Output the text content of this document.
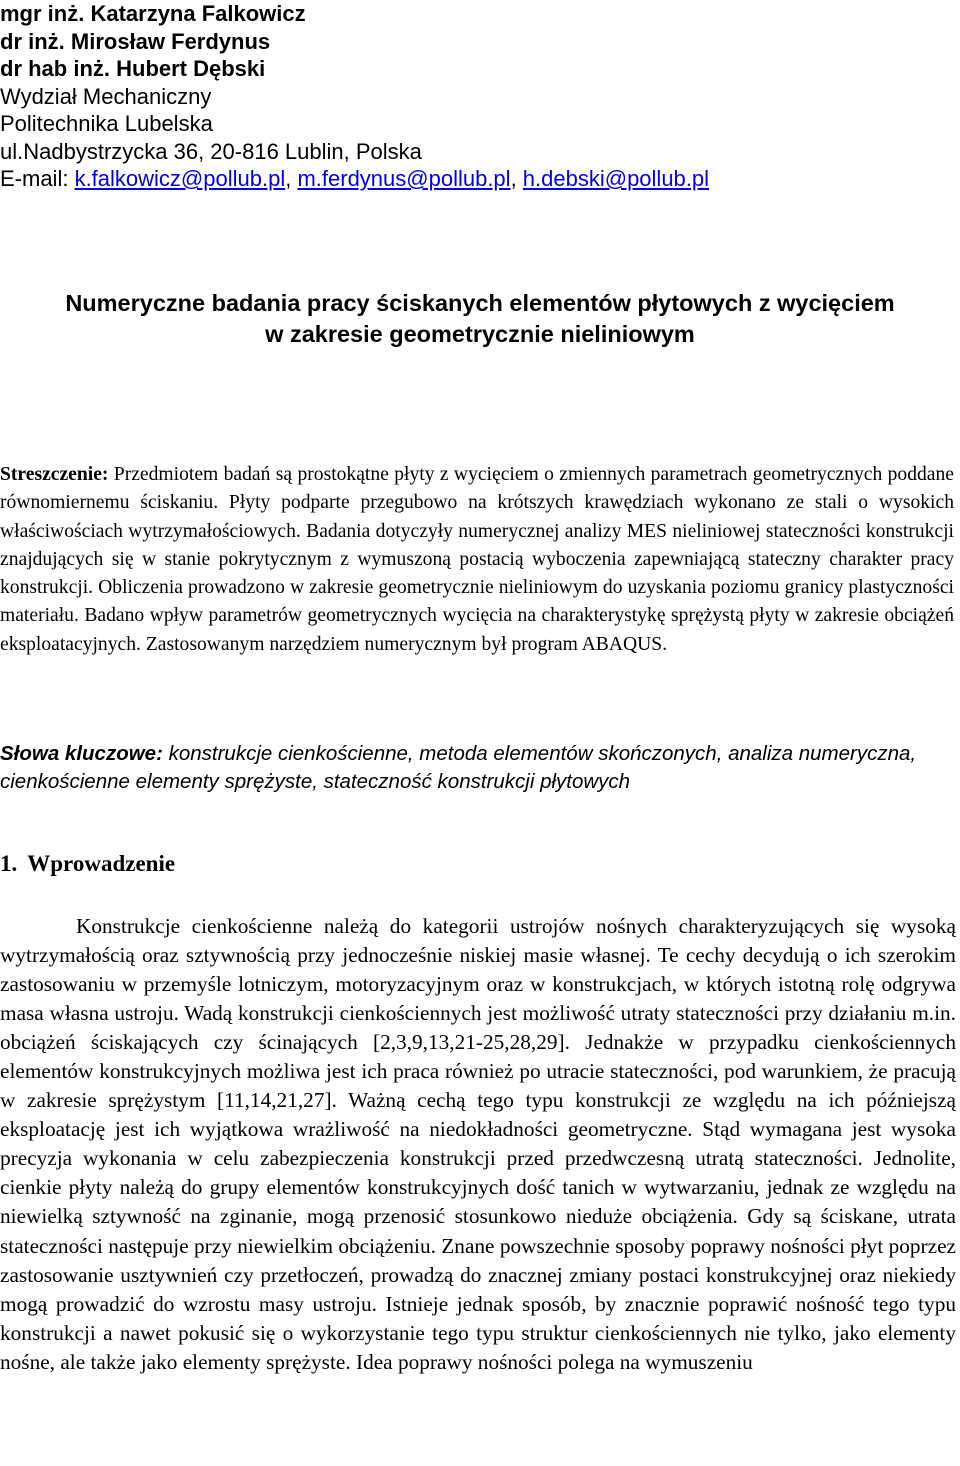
mgr inż. Katarzyna Falkowicz
dr inż. Mirosław Ferdynus
dr hab inż. Hubert Dębski
Wydział Mechaniczny
Politechnika Lubelska
ul.Nadbystrzycka 36, 20-816 Lublin, Polska
E-mail: k.falkowicz@pollub.pl, m.ferdynus@pollub.pl, h.debski@pollub.pl
Numeryczne badania pracy ściskanych elementów płytowych z wycięciem
w zakresie geometrycznie nieliniowym

Streszczenie: Przedmiotem badań są prostokątne płyty z wycięciem o zmiennych parametrach geometrycznych poddane równomiernemu ściskaniu. Płyty podparte przegubowo na krótszych krawędziach wykonano ze stali o wysokich właściwościach wytrzymałościowych. Badania dotyczyły numerycznej analizy MES nieliniowej stateczności konstrukcji znajdujących się w stanie pokrytycznym z wymuszoną postacią wyboczenia zapewniającą stateczny charakter pracy konstrukcji. Obliczenia prowadzono w zakresie geometrycznie nieliniowym do uzyskania poziomu granicy plastyczności materiału. Badano wpływ parametrów geometrycznych wycięcia na charakterystykę sprężystą płyty w zakresie obciążeń eksploatacyjnych. Zastosowanym narzędziem numerycznym był program ABAQUS.

Słowa kluczowe: konstrukcje cienkościenne, metoda elementów skończonych, analiza numeryczna, cienkościenne elementy sprężyste, stateczność konstrukcji płytowych

1. Wprowadzenie

Konstrukcje cienkościenne należą do kategorii ustrojów nośnych charakteryzujących się wysoką wytrzymałością oraz sztywnością przy jednocześnie niskiej masie własnej. Te cechy decydują o ich szerokim zastosowaniu w przemyśle lotniczym, motoryzacyjnym oraz w konstrukcjach, w których istotną rolę odgrywa masa własna ustroju. Wadą konstrukcji cienkościennych jest możliwość utraty stateczności przy działaniu m.in. obciążeń ściskających czy ścinających [2,3,9,13,21-25,28,29]. Jednakże w przypadku cienkościennych elementów konstrukcyjnych możliwa jest ich praca również po utracie stateczności, pod warunkiem, że pracują w zakresie sprężystym [11,14,21,27]. Ważną cechą tego typu konstrukcji ze względu na ich późniejszą eksploatację jest ich wyjątkowa wrażliwość na niedokładności geometryczne. Stąd wymagana jest wysoka precyzja wykonania w celu zabezpieczenia konstrukcji przed przedwczesną utratą stateczności. Jednolite, cienkie płyty należą do grupy elementów konstrukcyjnych dość tanich w wytwarzaniu, jednak ze względu na niewielką sztywność na zginanie, mogą przenosić stosunkowo nieduże obciążenia. Gdy są ściskane, utrata stateczności następuje przy niewielkim obciążeniu. Znane powszechnie sposoby poprawy nośności płyt poprzez zastosowanie usztywnień czy przetłoczeń, prowadzą do znacznej zmiany postaci konstrukcyjnej oraz niekiedy mogą prowadzić do wzrostu masy ustroju. Istnieje jednak sposób, by znacznie poprawić nośność tego typu konstrukcji a nawet pokusić się o wykorzystanie tego typu struktur cienkościennych nie tylko, jako elementy nośne, ale także jako elementy sprężyste. Idea poprawy nośności polega na wymuszeniu
